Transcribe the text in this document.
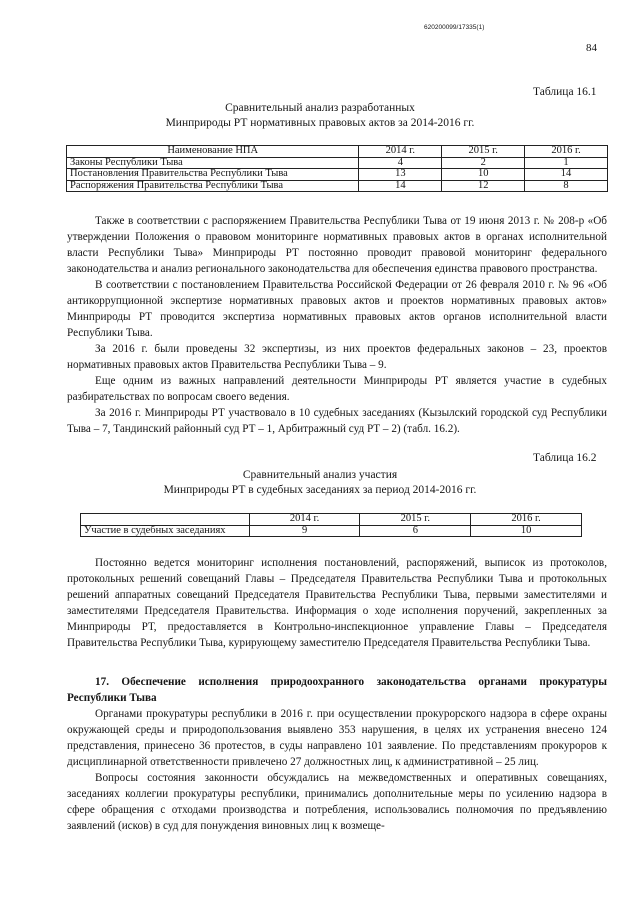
620200099/17335(1)
84
Таблица 16.1
Сравнительный анализ разработанных
Минприроды РТ нормативных правовых актов за 2014-2016 гг.
Наименование НПА	2014 г.	2015 г.	2016 г.
Законы Республики Тыва	4	2	1
Постановления Правительства Республики Тыва	13	10	14
Распоряжения Правительства Республики Тыва	14	12	8

Также в соответствии с распоряжением Правительства Республики Тыва от 19 июня 2013 г. № 208-р «Об утверждении Положения о правовом мониторинге нормативных правовых актов в органах исполнительной власти Республики Тыва» Минприроды РТ постоянно проводит правовой мониторинг федерального законодательства и анализ регионального законодательства для обеспечения единства правового пространства.

В соответствии с постановлением Правительства Российской Федерации от 26 февраля 2010 г. № 96 «Об антикоррупционной экспертизе нормативных правовых актов и проектов нормативных правовых актов» Минприроды РТ проводится экспертиза нормативных правовых актов органов исполнительной власти Республики Тыва.

За 2016 г. были проведены 32 экспертизы, из них проектов федеральных законов – 23, проектов нормативных правовых актов Правительства Республики Тыва – 9.

Еще одним из важных направлений деятельности Минприроды РТ является участие в судебных разбирательствах по вопросам своего ведения.

За 2016 г. Минприроды РТ участвовало в 10 судебных заседаниях (Кызылский городской суд Республики Тыва – 7, Тандинский районный суд РТ – 1, Арбитражный суд РТ – 2) (табл. 16.2).

Таблица 16.2
Сравнительный анализ участия
Минприроды РТ в судебных заседаниях за период 2014-2016 гг.
	2014 г.	2015 г.	2016 г.
Участие в судебных заседаниях	9	6	10

Постоянно ведется мониторинг исполнения постановлений, распоряжений, выписок из протоколов, протокольных решений совещаний Главы – Председателя Правительства Республики Тыва и протокольных решений аппаратных совещаний Председателя Правительства Республики Тыва, первыми заместителями и заместителями Председателя Правительства. Информация о ходе исполнения поручений, закрепленных за Минприроды РТ, предоставляется в Контрольно-инспекционное управление Главы – Председателя Правительства Республики Тыва, курирующему заместителю Председателя Правительства Республики Тыва.

17. Обеспечение исполнения природоохранного законодательства органами прокуратуры Республики Тыва

Органами прокуратуры республики в 2016 г. при осуществлении прокурорского надзора в сфере охраны окружающей среды и природопользования выявлено 353 нарушения, в целях их устранения внесено 124 представления, принесено 36 протестов, в суды направлено 101 заявление. По представлениям прокуроров к дисциплинарной ответственности привлечено 27 должностных лиц, к административной – 25 лиц.

Вопросы состояния законности обсуждались на межведомственных и оперативных совещаниях, заседаниях коллегии прокуратуры республики, принимались дополнительные меры по усилению надзора в сфере обращения с отходами производства и потребления, использовались полномочия по предъявлению заявлений (исков) в суд для понуждения виновных лиц к возмеще-
